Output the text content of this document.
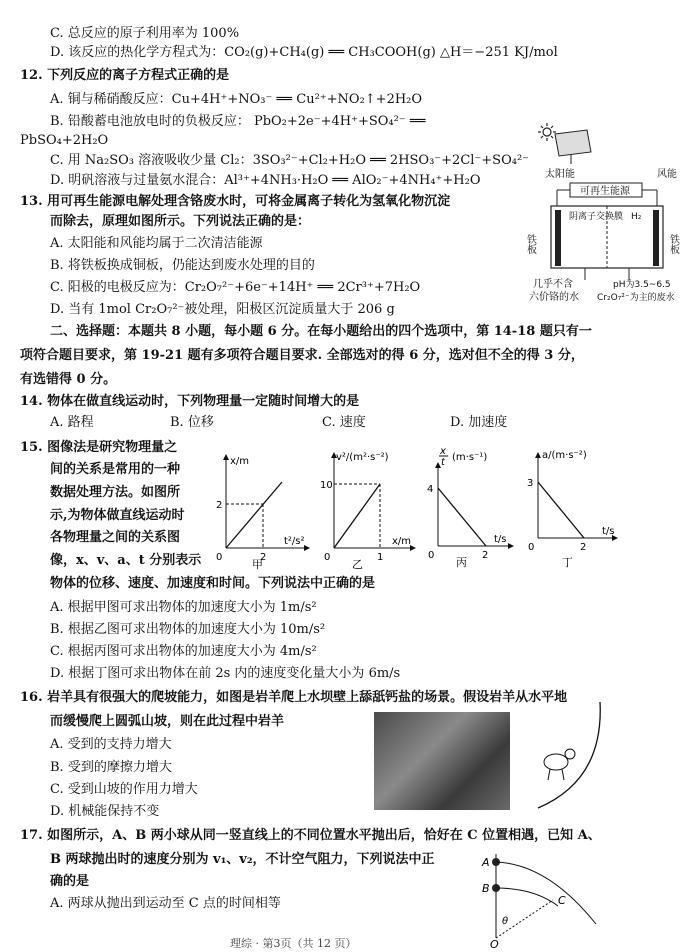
C. 总反应的原子利用率为 100%
D. 该反应的热化学方程式为：CO₂(g)+CH₄(g) ══ CH₃COOH(g) △H＝−251 KJ/mol
12. 下列反应的离子方程式正确的是
A. 铜与稀硝酸反应：Cu+4H⁺+NO₃⁻ ══ Cu²⁺+NO₂↑+2H₂O
B. 铅酸蓄电池放电时的负极反应： PbO₂+2e⁻+4H⁺+SO₄²⁻ ══
PbSO₄+2H₂O
C. 用 Na₂SO₃ 溶液吸收少量 Cl₂：3SO₃²⁻+Cl₂+H₂O ══ 2HSO₃⁻+2Cl⁻+SO₄²⁻
D. 明矾溶液与过量氨水混合：Al³⁺+4NH₃·H₂O ══ AlO₂⁻+4NH₄⁺+H₂O
13. 用可再生能源电解处理含铬废水时，可将金属离子转化为氢氧化物沉淀
而除去，原理如图所示。下列说法正确的是：
A. 太阳能和风能均属于二次清洁能源
B. 将铁板换成铜板，仍能达到废水处理的目的
C. 阳极的电极反应为：Cr₂O₇²⁻+6e⁻+14H⁺ ══ 2Cr³⁺+7H₂O
D. 当有 1mol Cr₂O₇²⁻被处理，阳极区沉淀质量大于 206 g
二、选择题：本题共 8 小题，每小题 6 分。在每小题给出的四个选项中，第 14-18 题只有一
项符合题目要求，第 19-21 题有多项符合题目要求. 全部选对的得 6 分，选对但不全的得 3 分，
有选错得 0 分。
14. 物体在做直线运动时，下列物理量一定随时间增大的是
A. 路程	B. 位移	C. 速度	D. 加速度
15. 图像法是研究物理量之
间的关系是常用的一种
数据处理方法。如图所
示,为物体做直线运动时
各物理量之间的关系图
像，x、v、a、t 分别表示
物体的位移、速度、加速度和时间。下列说法中正确的是
A. 根据甲图可求出物体的加速度大小为 1m/s²
B. 根据乙图可求出物体的加速度大小为 10m/s²
C. 根据丙图可求出物体的加速度大小为 4m/s²
D. 根据丁图可求出物体在前 2s 内的速度变化量大小为 6m/s
16. 岩羊具有很强大的爬坡能力，如图是岩羊爬上水坝壁上舔舐钙盐的场景。假设岩羊从水平地
而缓慢爬上圆弧山坡，则在此过程中岩羊
A. 受到的支持力增大
B. 受到的摩擦力增大
C. 受到山坡的作用力增大
D. 机械能保持不变
17. 如图所示，A、B 两小球从同一竖直线上的不同位置水平抛出后，恰好在 C 位置相遇，已知 A、
B 两球抛出时的速度分别为 v₁、v₂，不计空气阻力，下列说法中正
确的是
A. 两球从抛出到运动至 C 点的时间相等
太阳能	风能
可再生能源
阴离子交换膜 H₂
铁板	铁板
几乎不含
六价铬的水
pH为3.5~6.5
Cr₂O₇²⁻为主的废水
x/m
t²/s²
2
2
0
甲
v²/(m²·s⁻²)
x/m
10
1
0
乙
x
t (m·s⁻¹)
t/s
4
2
0
丙
a/(m·s⁻²)
t/s
3
2
0
丁
A
B
C
θ
O
理综 · 第3页（共 12 页）
